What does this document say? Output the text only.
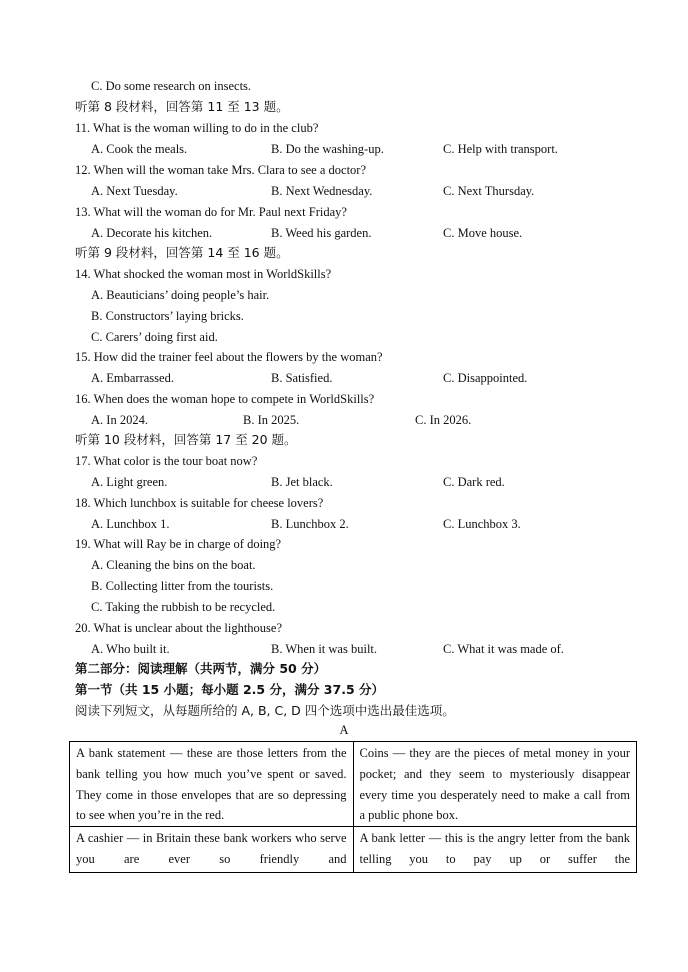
C. Do some research on insects.
听第 8 段材料，回答第 11 至 13 题。
11. What is the woman willing to do in the club?
A. Cook the meals.	B. Do the washing-up.	C. Help with transport.
12. When will the woman take Mrs. Clara to see a doctor?
A. Next Tuesday.	B. Next Wednesday.	C. Next Thursday.
13. What will the woman do for Mr. Paul next Friday?
A. Decorate his kitchen.	B. Weed his garden.	C. Move house.
听第 9 段材料，回答第 14 至 16 题。
14. What shocked the woman most in WorldSkills?
A. Beauticians’ doing people’s hair.
B. Constructors’ laying bricks.
C. Carers’ doing first aid.
15. How did the trainer feel about the flowers by the woman?
A. Embarrassed.	B. Satisfied.	C. Disappointed.
16. When does the woman hope to compete in WorldSkills?
A. In 2024.	B. In 2025.	C. In 2026.
听第 10 段材料，回答第 17 至 20 题。
17. What color is the tour boat now?
A. Light green.	B. Jet black.	C. Dark red.
18. Which lunchbox is suitable for cheese lovers?
A. Lunchbox 1.	B. Lunchbox 2.	C. Lunchbox 3.
19. What will Ray be in charge of doing?
A. Cleaning the bins on the boat.
B. Collecting litter from the tourists.
C. Taking the rubbish to be recycled.
20. What is unclear about the lighthouse?
A. Who built it.	B. When it was built.	C. What it was made of.
第二部分：阅读理解（共两节，满分 50 分）
第一节（共 15 小题；每小题 2.5 分，满分 37.5 分）
阅读下列短文，从每题所给的 A, B, C, D 四个选项中选出最佳选项。
A
A bank statement — these are those letters from the bank telling you how much you’ve spent or saved. They come in those envelopes that are so depressing to see when you’re in the red.	Coins — they are the pieces of metal money in your pocket; and they seem to mysteriously disappear every time you desperately need to make a call from a public phone box.

A cashier — in Britain these bank workers who serve you are ever so friendly and	A bank letter — this is the angry letter from the bank telling you to pay up or suffer the
